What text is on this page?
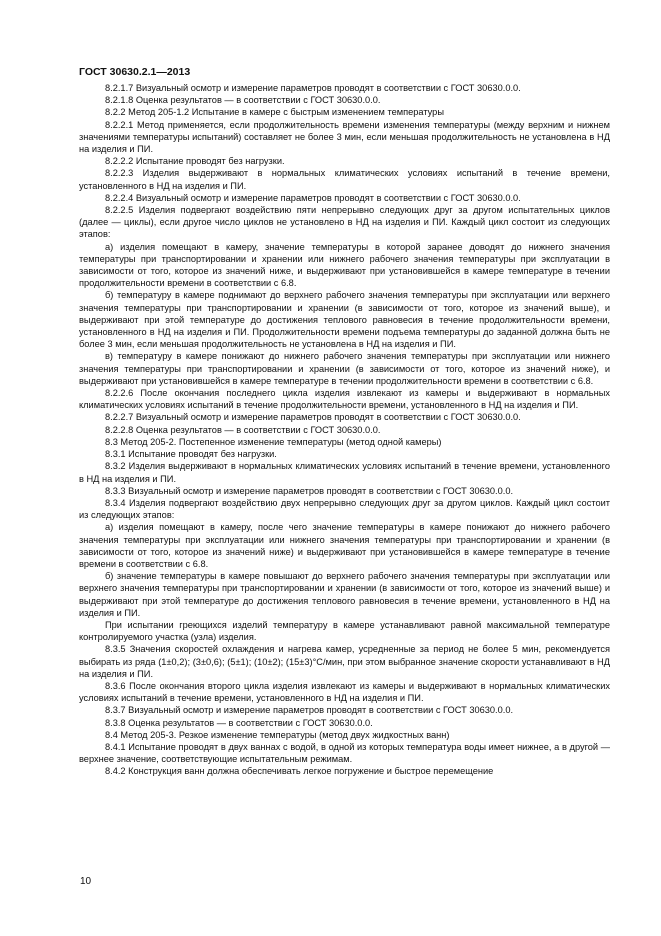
ГОСТ 30630.2.1—2013

8.2.1.7 Визуальный осмотр и измерение параметров проводят в соответствии с ГОСТ 30630.0.0.

8.2.1.8 Оценка результатов — в соответствии с ГОСТ 30630.0.0.

8.2.2 Метод 205-1.2 Испытание в камере с быстрым изменением температуры

8.2.2.1 Метод применяется, если продолжительность времени изменения температуры (между верхним и нижнем значениями температуры испытаний) составляет не более 3 мин, если меньшая продолжительность не установлена в НД на изделия и ПИ.

8.2.2.2 Испытание проводят без нагрузки.

8.2.2.3 Изделия выдерживают в нормальных климатических условиях испытаний в течение времени, установленного в НД на изделия и ПИ.

8.2.2.4 Визуальный осмотр и измерение параметров проводят в соответствии с ГОСТ 30630.0.0.

8.2.2.5 Изделия подвергают воздействию пяти непрерывно следующих друг за другом испытательных циклов (далее — циклы), если другое число циклов не установлено в НД на изделия и ПИ. Каждый цикл состоит из следующих этапов:

а) изделия помещают в камеру, значение температуры в которой заранее доводят до нижнего значения температуры при транспортировании и хранении или нижнего рабочего значения температуры при эксплуатации в зависимости от того, которое из значений ниже, и выдерживают при установившейся в камере температуре в течении продолжительности времени в соответствии с 6.8.

б) температуру в камере поднимают до верхнего рабочего значения температуры при эксплуатации или верхнего значения температуры при транспортировании и хранении (в зависимости от того, которое из значений выше), и выдерживают при этой температуре до достижения теплового равновесия в течение продолжительности времени, установленного в НД на изделия и ПИ. Продолжительности времени подъема температуры до заданной должна быть не более 3 мин, если меньшая продолжительность не установлена в НД на изделия и ПИ.

в) температуру в камере понижают до нижнего рабочего значения температуры при эксплуатации или нижнего значения температуры при транспортировании и хранении (в зависимости от того, которое из значений ниже), и выдерживают при установившейся в камере температуре в течении продолжительности времени в соответствии с 6.8.

8.2.2.6 После окончания последнего цикла изделия извлекают из камеры и выдерживают в нормальных климатических условиях испытаний в течение продолжительности времени, установленного в НД на изделия и ПИ.

8.2.2.7 Визуальный осмотр и измерение параметров проводят в соответствии с ГОСТ 30630.0.0.

8.2.2.8 Оценка результатов — в соответствии с ГОСТ 30630.0.0.

8.3 Метод 205-2. Постепенное изменение температуры (метод одной камеры)

8.3.1 Испытание проводят без нагрузки.

8.3.2 Изделия выдерживают в нормальных климатических условиях испытаний в течение времени, установленного в НД на изделия и ПИ.

8.3.3 Визуальный осмотр и измерение параметров проводят в соответствии с ГОСТ 30630.0.0.

8.3.4 Изделия подвергают воздействию двух непрерывно следующих друг за другом циклов. Каждый цикл состоит из следующих этапов:

а) изделия помещают в камеру, после чего значение температуры в камере понижают до нижнего рабочего значения температуры при эксплуатации или нижнего значения температуры при транспортировании и хранении (в зависимости от того, которое из значений ниже) и выдерживают при установившейся в камере температуре в течение времени в соответствии с 6.8.

б) значение температуры в камере повышают до верхнего рабочего значения температуры при эксплуатации или верхнего значения температуры при транспортировании и хранении (в зависимости от того, которое из значений выше) и выдерживают при этой температуре до достижения теплового равновесия в течение времени, установленного в НД на изделия и ПИ.

При испытании греющихся изделий температуру в камере устанавливают равной максимальной температуре контролируемого участка (узла) изделия.

8.3.5 Значения скоростей охлаждения и нагрева камер, усредненные за период не более 5 мин, рекомендуется выбирать из ряда (1±0,2); (3±0,6); (5±1); (10±2); (15±3)°С/мин, при этом выбранное значение скорости устанавливают в НД на изделия и ПИ.

8.3.6 После окончания второго цикла изделия извлекают из камеры и выдерживают в нормальных климатических условиях испытаний в течение времени, установленного в НД на изделия и ПИ.

8.3.7 Визуальный осмотр и измерение параметров проводят в соответствии с ГОСТ 30630.0.0.

8.3.8 Оценка результатов — в соответствии с ГОСТ 30630.0.0.

8.4 Метод 205-3. Резкое изменение температуры (метод двух жидкостных ванн)

8.4.1 Испытание проводят в двух ваннах с водой, в одной из которых температура воды имеет нижнее, а в другой — верхнее значение, соответствующие испытательным режимам.

8.4.2 Конструкция ванн должна обеспечивать легкое погружение и быстрое перемещение

10
